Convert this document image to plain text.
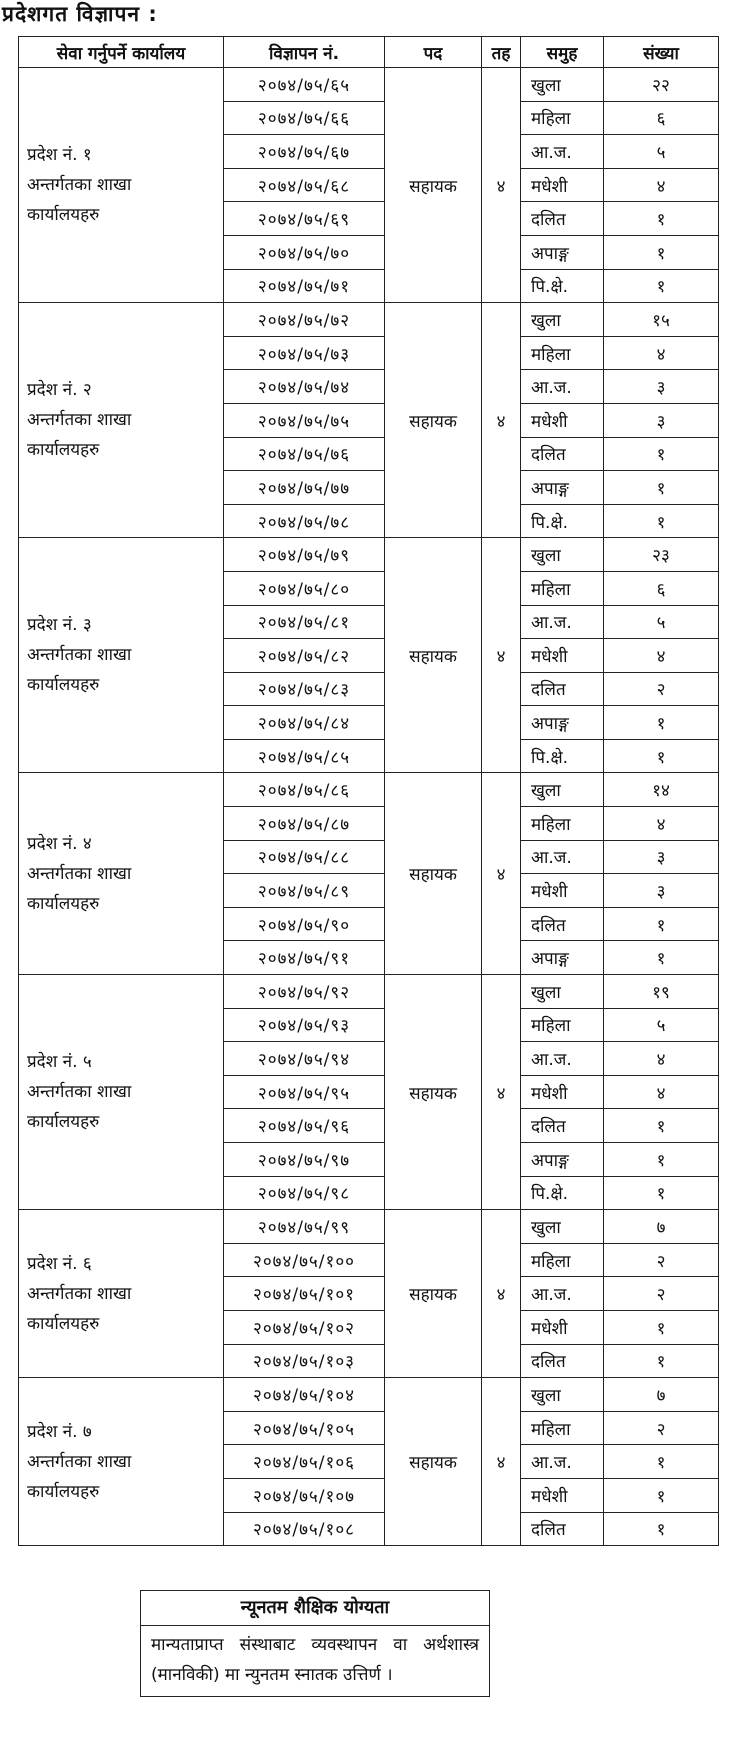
प्रदेशगत विज्ञापन :
सेवा गर्नुपर्ने कार्यालय	विज्ञापन नं.	पद	तह	समुह	संख्या

प्रदेश नं. १
अन्तर्गतका शाखा
कार्यालयहरु	२०७४/७५/६५	सहायक	४	खुला	२२
	२०७४/७५/६६			महिला	६
	२०७४/७५/६७			आ.ज.	५
	२०७४/७५/६८			मधेशी	४
	२०७४/७५/६९			दलित	१
	२०७४/७५/७०			अपाङ्ग	१
	२०७४/७५/७१			पि.क्षे.	१

प्रदेश नं. २
अन्तर्गतका शाखा
कार्यालयहरु	२०७४/७५/७२	सहायक	४	खुला	१५
	२०७४/७५/७३			महिला	४
	२०७४/७५/७४			आ.ज.	३
	२०७४/७५/७५			मधेशी	३
	२०७४/७५/७६			दलित	१
	२०७४/७५/७७			अपाङ्ग	१
	२०७४/७५/७८			पि.क्षे.	१

प्रदेश नं. ३
अन्तर्गतका शाखा
कार्यालयहरु	२०७४/७५/७९	सहायक	४	खुला	२३
	२०७४/७५/८०			महिला	६
	२०७४/७५/८१			आ.ज.	५
	२०७४/७५/८२			मधेशी	४
	२०७४/७५/८३			दलित	२
	२०७४/७५/८४			अपाङ्ग	१
	२०७४/७५/८५			पि.क्षे.	१

प्रदेश नं. ४
अन्तर्गतका शाखा
कार्यालयहरु	२०७४/७५/८६	सहायक	४	खुला	१४
	२०७४/७५/८७			महिला	४
	२०७४/७५/८८			आ.ज.	३
	२०७४/७५/८९			मधेशी	३
	२०७४/७५/९०			दलित	१
	२०७४/७५/९१			अपाङ्ग	१

प्रदेश नं. ५
अन्तर्गतका शाखा
कार्यालयहरु	२०७४/७५/९२	सहायक	४	खुला	१९
	२०७४/७५/९३			महिला	५
	२०७४/७५/९४			आ.ज.	४
	२०७४/७५/९५			मधेशी	४
	२०७४/७५/९६			दलित	१
	२०७४/७५/९७			अपाङ्ग	१
	२०७४/७५/९८			पि.क्षे.	१

प्रदेश नं. ६
अन्तर्गतका शाखा
कार्यालयहरु	२०७४/७५/९९	सहायक	४	खुला	७
	२०७४/७५/१००			महिला	२
	२०७४/७५/१०१			आ.ज.	२
	२०७४/७५/१०२			मधेशी	१
	२०७४/७५/१०३			दलित	१

प्रदेश नं. ७
अन्तर्गतका शाखा
कार्यालयहरु	२०७४/७५/१०४	सहायक	४	खुला	७
	२०७४/७५/१०५			महिला	२
	२०७४/७५/१०६			आ.ज.	१
	२०७४/७५/१०७			मधेशी	१
	२०७४/७५/१०८			दलित	१
न्यूनतम शैक्षिक योग्यता
मान्यताप्राप्त संस्थाबाट व्यवस्थापन वा अर्थशास्त्र (मानविकी) मा न्युनतम स्नातक उत्तिर्ण ।
